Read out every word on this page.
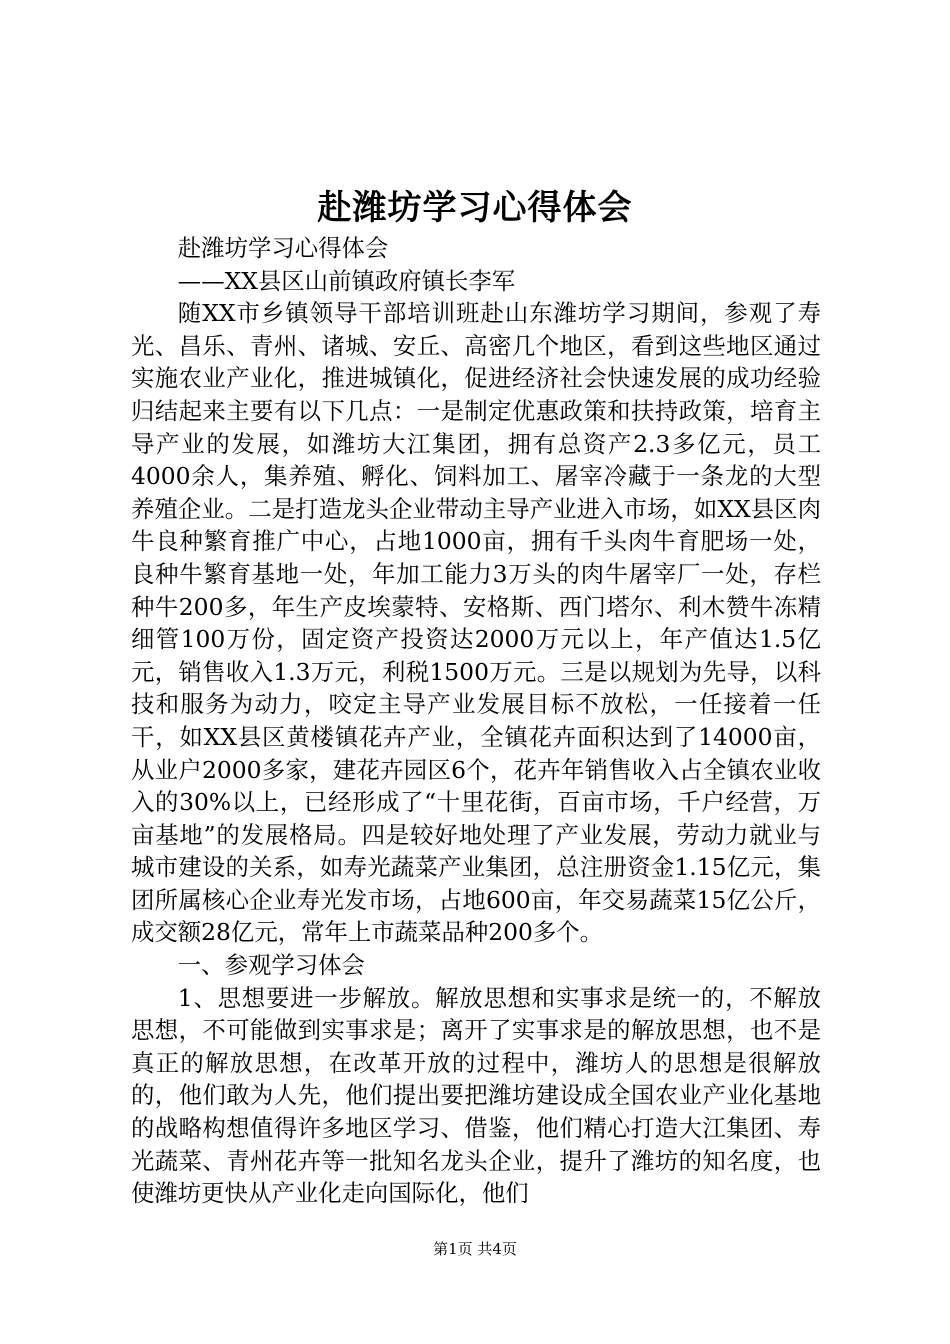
赴潍坊学习心得体会

赴潍坊学习心得体会

——XX县区山前镇政府镇长李军

随XX市乡镇领导干部培训班赴山东潍坊学习期间，参观了寿光、昌乐、青州、诸城、安丘、高密几个地区，看到这些地区通过实施农业产业化，推进城镇化，促进经济社会快速发展的成功经验归结起来主要有以下几点：一是制定优惠政策和扶持政策，培育主导产业的发展，如潍坊大江集团，拥有总资产2.3多亿元，员工4000余人，集养殖、孵化、饲料加工、屠宰冷藏于一条龙的大型养殖企业。二是打造龙头企业带动主导产业进入市场，如XX县区肉牛良种繁育推广中心，占地1000亩，拥有千头肉牛育肥场一处，良种牛繁育基地一处，年加工能力3万头的肉牛屠宰厂一处，存栏种牛200多，年生产皮埃蒙特、安格斯、西门塔尔、利木赞牛冻精细管100万份，固定资产投资达2000万元以上，年产值达1.5亿元，销售收入1.3万元，利税1500万元。三是以规划为先导，以科技和服务为动力，咬定主导产业发展目标不放松，一任接着一任干，如XX县区黄楼镇花卉产业，全镇花卉面积达到了14000亩，从业户2000多家，建花卉园区6个，花卉年销售收入占全镇农业收入的30%以上，已经形成了“十里花街，百亩市场，千户经营，万亩基地”的发展格局。四是较好地处理了产业发展，劳动力就业与城市建设的关系，如寿光蔬菜产业集团，总注册资金1.15亿元，集团所属核心企业寿光发市场，占地600亩，年交易蔬菜15亿公斤，成交额28亿元，常年上市蔬菜品种200多个。

一、参观学习体会

1、思想要进一步解放。解放思想和实事求是统一的，不解放思想，不可能做到实事求是；离开了实事求是的解放思想，也不是真正的解放思想，在改革开放的过程中，潍坊人的思想是很解放的，他们敢为人先，他们提出要把潍坊建设成全国农业产业化基地的战略构想值得许多地区学习、借鉴，他们精心打造大江集团、寿光蔬菜、青州花卉等一批知名龙头企业，提升了潍坊的知名度，也使潍坊更快从产业化走向国际化，他们

第1页 共4页
